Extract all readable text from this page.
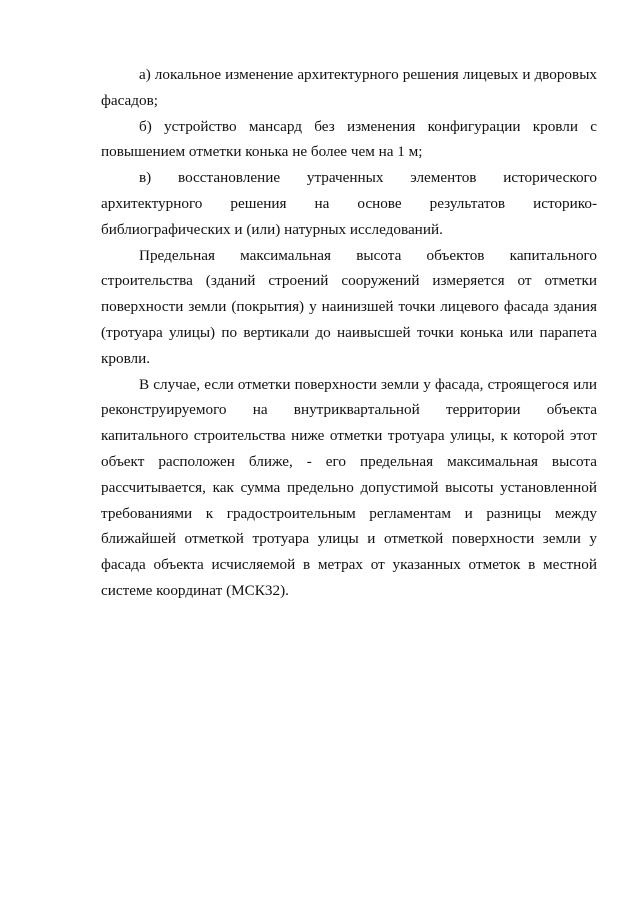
а) локальное изменение архитектурного решения лицевых и дворовых фасадов;

б) устройство мансард без изменения конфигурации кровли с повышением отметки конька не более чем на 1 м;

в) восстановление утраченных элементов исторического архитектурного решения на основе результатов историко-библиографических и (или) натурных исследований.

Предельная максимальная высота объектов капитального строительства (зданий строений сооружений измеряется от отметки поверхности земли (покрытия) у наинизшей точки лицевого фасада здания (тротуара улицы) по вертикали до наивысшей точки конька или парапета кровли.

В случае, если отметки поверхности земли у фасада, строящегося или реконструируемого на внутриквартальной территории объекта капитального строительства ниже отметки тротуара улицы, к которой этот объект расположен ближе, - его предельная максимальная высота рассчитывается, как сумма предельно допустимой высоты установленной требованиями к градостроительным регламентам и разницы между ближайшей отметкой тротуара улицы и отметкой поверхности земли у фасада объекта исчисляемой в метрах от указанных отметок в местной системе координат (МСК32).
